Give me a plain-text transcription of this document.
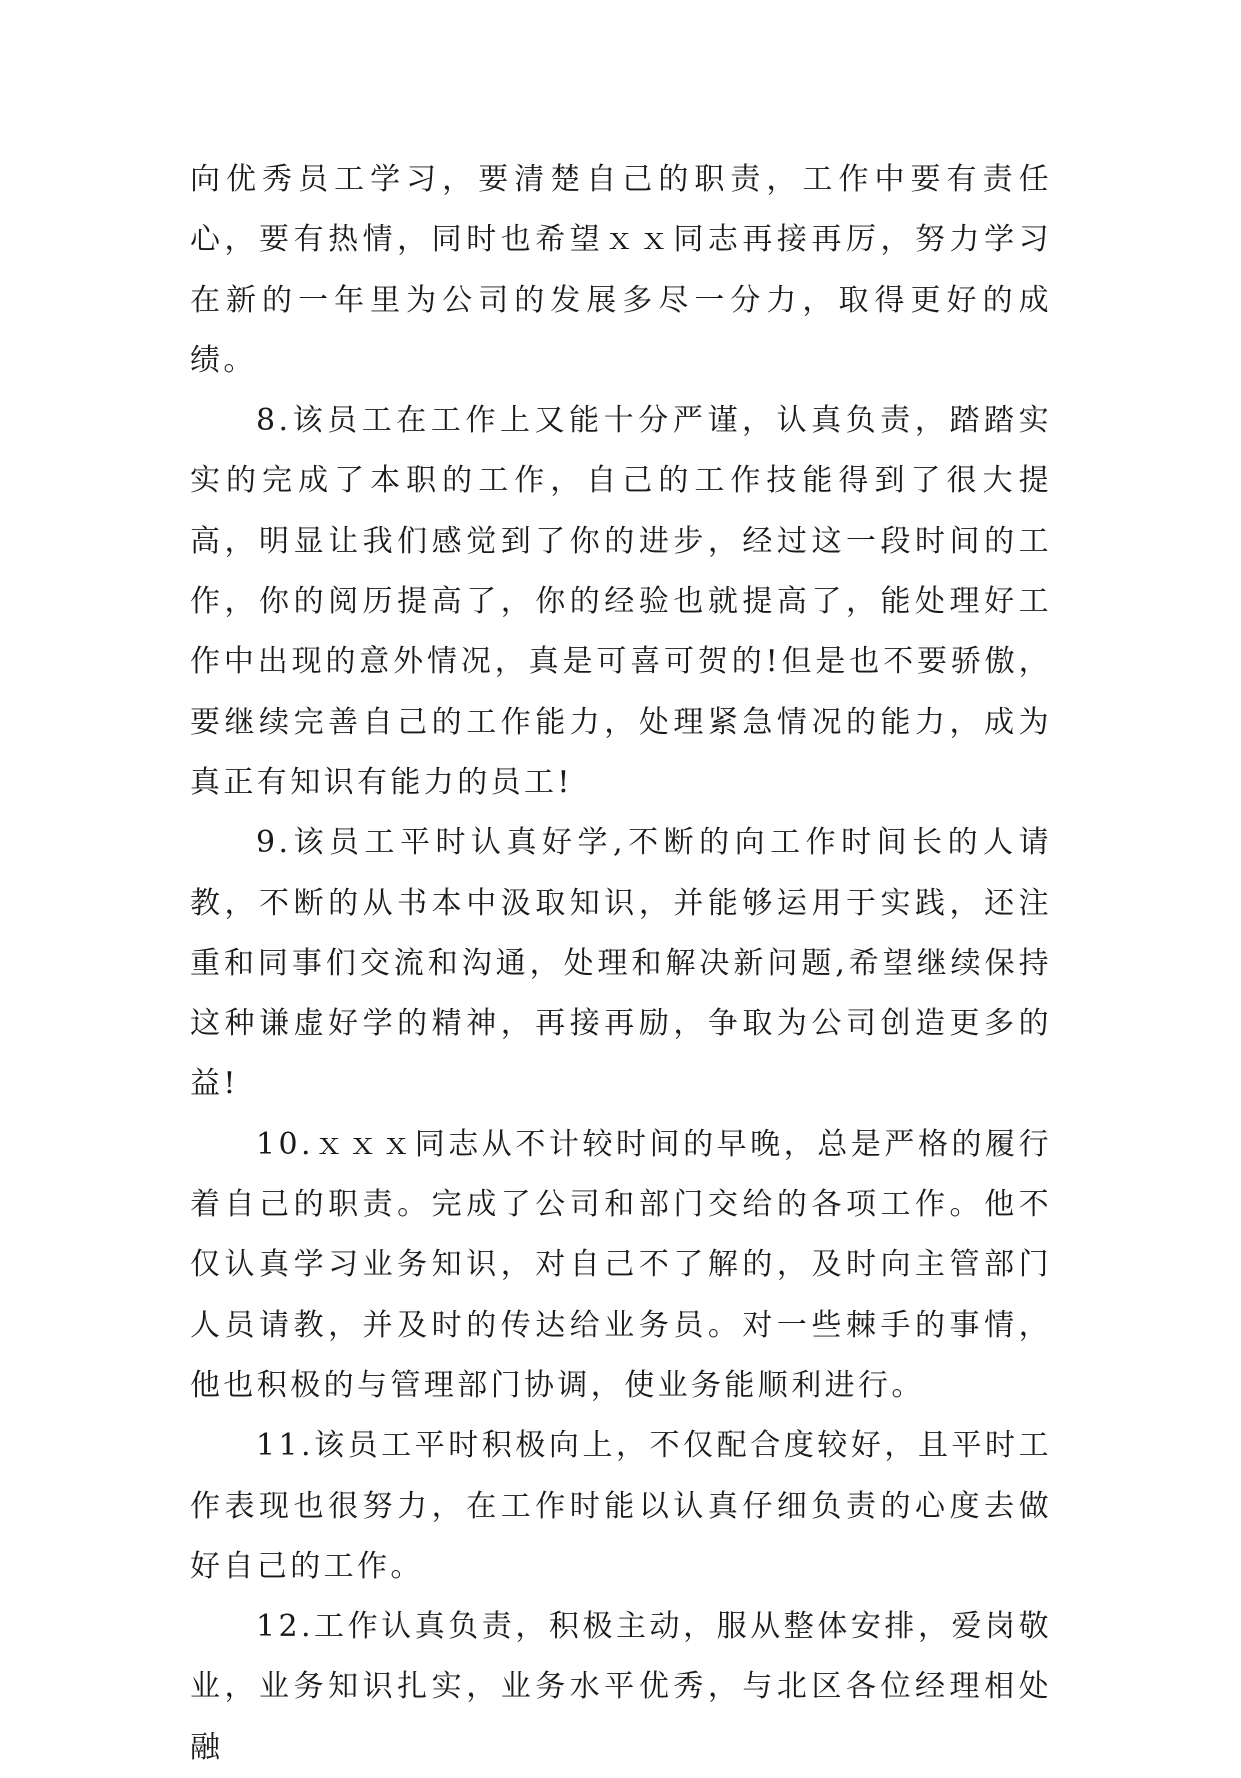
向优秀员工学习，要清楚自己的职责，工作中要有责任心，要有热情，同时也希望ｘｘ同志再接再厉，努力学习在新的一年里为公司的发展多尽一分力，取得更好的成绩。

8.该员工在工作上又能十分严谨，认真负责，踏踏实实的完成了本职的工作，自己的工作技能得到了很大提高，明显让我们感觉到了你的进步，经过这一段时间的工作，你的阅历提高了，你的经验也就提高了，能处理好工作中出现的意外情况，真是可喜可贺的!但是也不要骄傲，要继续完善自己的工作能力，处理紧急情况的能力，成为真正有知识有能力的员工!

9.该员工平时认真好学,不断的向工作时间长的人请教，不断的从书本中汲取知识，并能够运用于实践，还注重和同事们交流和沟通，处理和解决新问题,希望继续保持这种谦虚好学的精神，再接再励，争取为公司创造更多的益!

10.ｘｘｘ同志从不计较时间的早晚，总是严格的履行着自己的职责。完成了公司和部门交给的各项工作。他不仅认真学习业务知识，对自己不了解的，及时向主管部门人员请教，并及时的传达给业务员。对一些棘手的事情，他也积极的与管理部门协调，使业务能顺利进行。

11.该员工平时积极向上，不仅配合度较好，且平时工作表现也很努力，在工作时能以认真仔细负责的心度去做好自己的工作。

12.工作认真负责，积极主动，服从整体安排，爱岗敬业，业务知识扎实，业务水平优秀，与北区各位经理相处融
